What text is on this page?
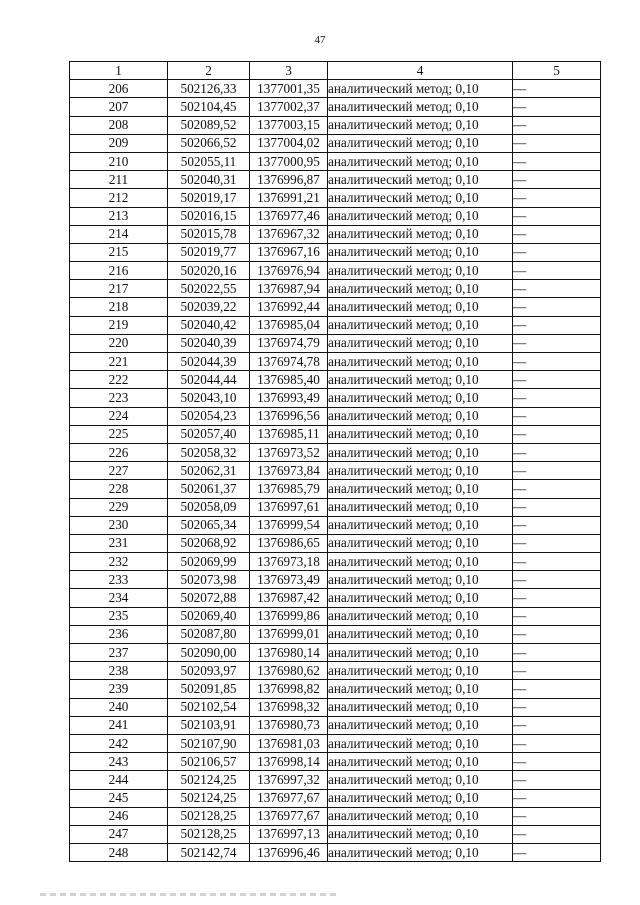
47
1	2	3	4	5
206	502126,33	1377001,35	аналитический метод; 0,10	—
207	502104,45	1377002,37	аналитический метод; 0,10	—
208	502089,52	1377003,15	аналитический метод; 0,10	—
209	502066,52	1377004,02	аналитический метод; 0,10	—
210	502055,11	1377000,95	аналитический метод; 0,10	—
211	502040,31	1376996,87	аналитический метод; 0,10	—
212	502019,17	1376991,21	аналитический метод; 0,10	—
213	502016,15	1376977,46	аналитический метод; 0,10	—
214	502015,78	1376967,32	аналитический метод; 0,10	—
215	502019,77	1376967,16	аналитический метод; 0,10	—
216	502020,16	1376976,94	аналитический метод; 0,10	—
217	502022,55	1376987,94	аналитический метод; 0,10	—
218	502039,22	1376992,44	аналитический метод; 0,10	—
219	502040,42	1376985,04	аналитический метод; 0,10	—
220	502040,39	1376974,79	аналитический метод; 0,10	—
221	502044,39	1376974,78	аналитический метод; 0,10	—
222	502044,44	1376985,40	аналитический метод; 0,10	—
223	502043,10	1376993,49	аналитический метод; 0,10	—
224	502054,23	1376996,56	аналитический метод; 0,10	—
225	502057,40	1376985,11	аналитический метод; 0,10	—
226	502058,32	1376973,52	аналитический метод; 0,10	—
227	502062,31	1376973,84	аналитический метод; 0,10	—
228	502061,37	1376985,79	аналитический метод; 0,10	—
229	502058,09	1376997,61	аналитический метод; 0,10	—
230	502065,34	1376999,54	аналитический метод; 0,10	—
231	502068,92	1376986,65	аналитический метод; 0,10	—
232	502069,99	1376973,18	аналитический метод; 0,10	—
233	502073,98	1376973,49	аналитический метод; 0,10	—
234	502072,88	1376987,42	аналитический метод; 0,10	—
235	502069,40	1376999,86	аналитический метод; 0,10	—
236	502087,80	1376999,01	аналитический метод; 0,10	—
237	502090,00	1376980,14	аналитический метод; 0,10	—
238	502093,97	1376980,62	аналитический метод; 0,10	—
239	502091,85	1376998,82	аналитический метод; 0,10	—
240	502102,54	1376998,32	аналитический метод; 0,10	—
241	502103,91	1376980,73	аналитический метод; 0,10	—
242	502107,90	1376981,03	аналитический метод; 0,10	—
243	502106,57	1376998,14	аналитический метод; 0,10	—
244	502124,25	1376997,32	аналитический метод; 0,10	—
245	502124,25	1376977,67	аналитический метод; 0,10	—
246	502128,25	1376977,67	аналитический метод; 0,10	—
247	502128,25	1376997,13	аналитический метод; 0,10	—
248	502142,74	1376996,46	аналитический метод; 0,10	—
